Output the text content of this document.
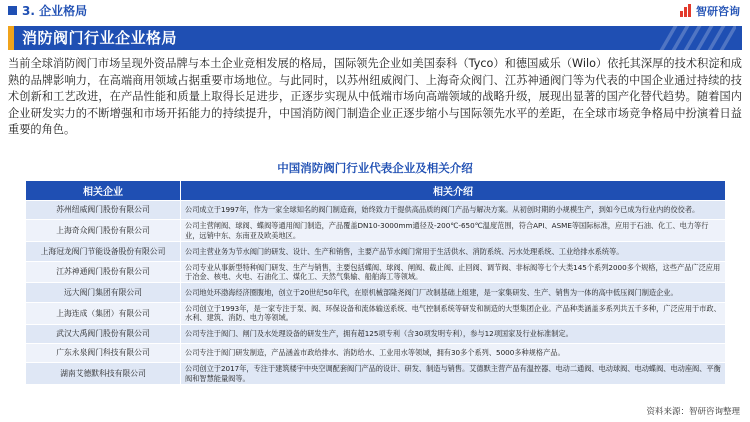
3. 企业格局	智研咨询
消防阀门行业企业格局

当前全球消防阀门市场呈现外资品牌与本土企业竞相发展的格局，国际领先企业如美国泰科（Tyco）和德国威乐（Wilo）依托其深厚的技术积淀和成熟的品牌影响力，在高端商用领域占据重要市场地位。与此同时，以苏州纽威阀门、上海奇众阀门、江苏神通阀门等为代表的中国企业通过持续的技术创新和工艺改进，在产品性能和质量上取得长足进步，正逐步实现从中低端市场向高端领域的战略升级，展现出显著的国产化替代趋势。随着国内企业研发实力的不断增强和市场开拓能力的持续提升，中国消防阀门制造企业正逐步缩小与国际领先水平的差距，在全球市场竞争格局中扮演着日益重要的角色。

中国消防阀门行业代表企业及相关介绍
相关企业	相关介绍
苏州纽威阀门股份有限公司	公司成立于1997年，作为一家全球知名的阀门制造商，始终致力于提供高品质的阀门产品与解决方案。从初创时期的小规模生产，到如今已成为行业内的佼佼者。
上海奇众阀门股份有限公司	公司主营闸阀、球阀、蝶阀等通用阀门制造，产品覆盖DN10-3000mm通径及-200℃-650℃温度范围，符合API、ASME等国际标准，应用于石油、化工、电力等行业，远销中东、东南亚及欧美地区。
上海冠龙阀门节能设备股份有限公司	公司主营业务为节水阀门的研发、设计、生产和销售，主要产品节水阀门常用于生活供水、消防系统、污水处理系统、工业给排水系统等。
江苏神通阀门股份有限公司	公司专业从事新型特种阀门研发、生产与销售，主要包括蝶阀、球阀、闸阀、截止阀、止回阀、调节阀、非标阀等七个大类145个系列2000多个规格，这些产品广泛应用于冶金、核电、火电、石油化工、煤化工、天然气集输、船舶海工等领域。
远大阀门集团有限公司	公司地处环渤海经济圈腹地，创立于20世纪50年代，在原机械部隆尧阀门厂改制基础上组建，是一家集研发、生产、销售为一体的高中低压阀门制造企业。
上海连成（集团）有限公司	公司创立于1993年，是一家专注于泵、阀、环保设备和流体输送系统、电气控制系统等研发和制造的大型集团企业。产品种类涵盖多系列共五千多种，广泛应用于市政、水利、建筑、消防、电力等领域。
武汉大禹阀门股份有限公司	公司专注于阀门、闸门及水处理设备的研发生产，拥有超125项专利（含30项发明专利），参与12项国家及行业标准制定。
广东永泉阀门科技有限公司	公司专注于阀门研发制造，产品涵盖市政给排水、消防给水、工业用水等领域，拥有30多个系列、5000多种规格产品。
湖南艾德默科技有限公司	公司创立于2017年，专注于建筑楼宇中央空调配套阀门产品的设计、研发、制造与销售。艾德默主营产品有温控器、电动二通阀、电动球阀、电动蝶阀、电动座阀、平衡阀和智慧能量阀等。
资料来源：智研咨询整理
